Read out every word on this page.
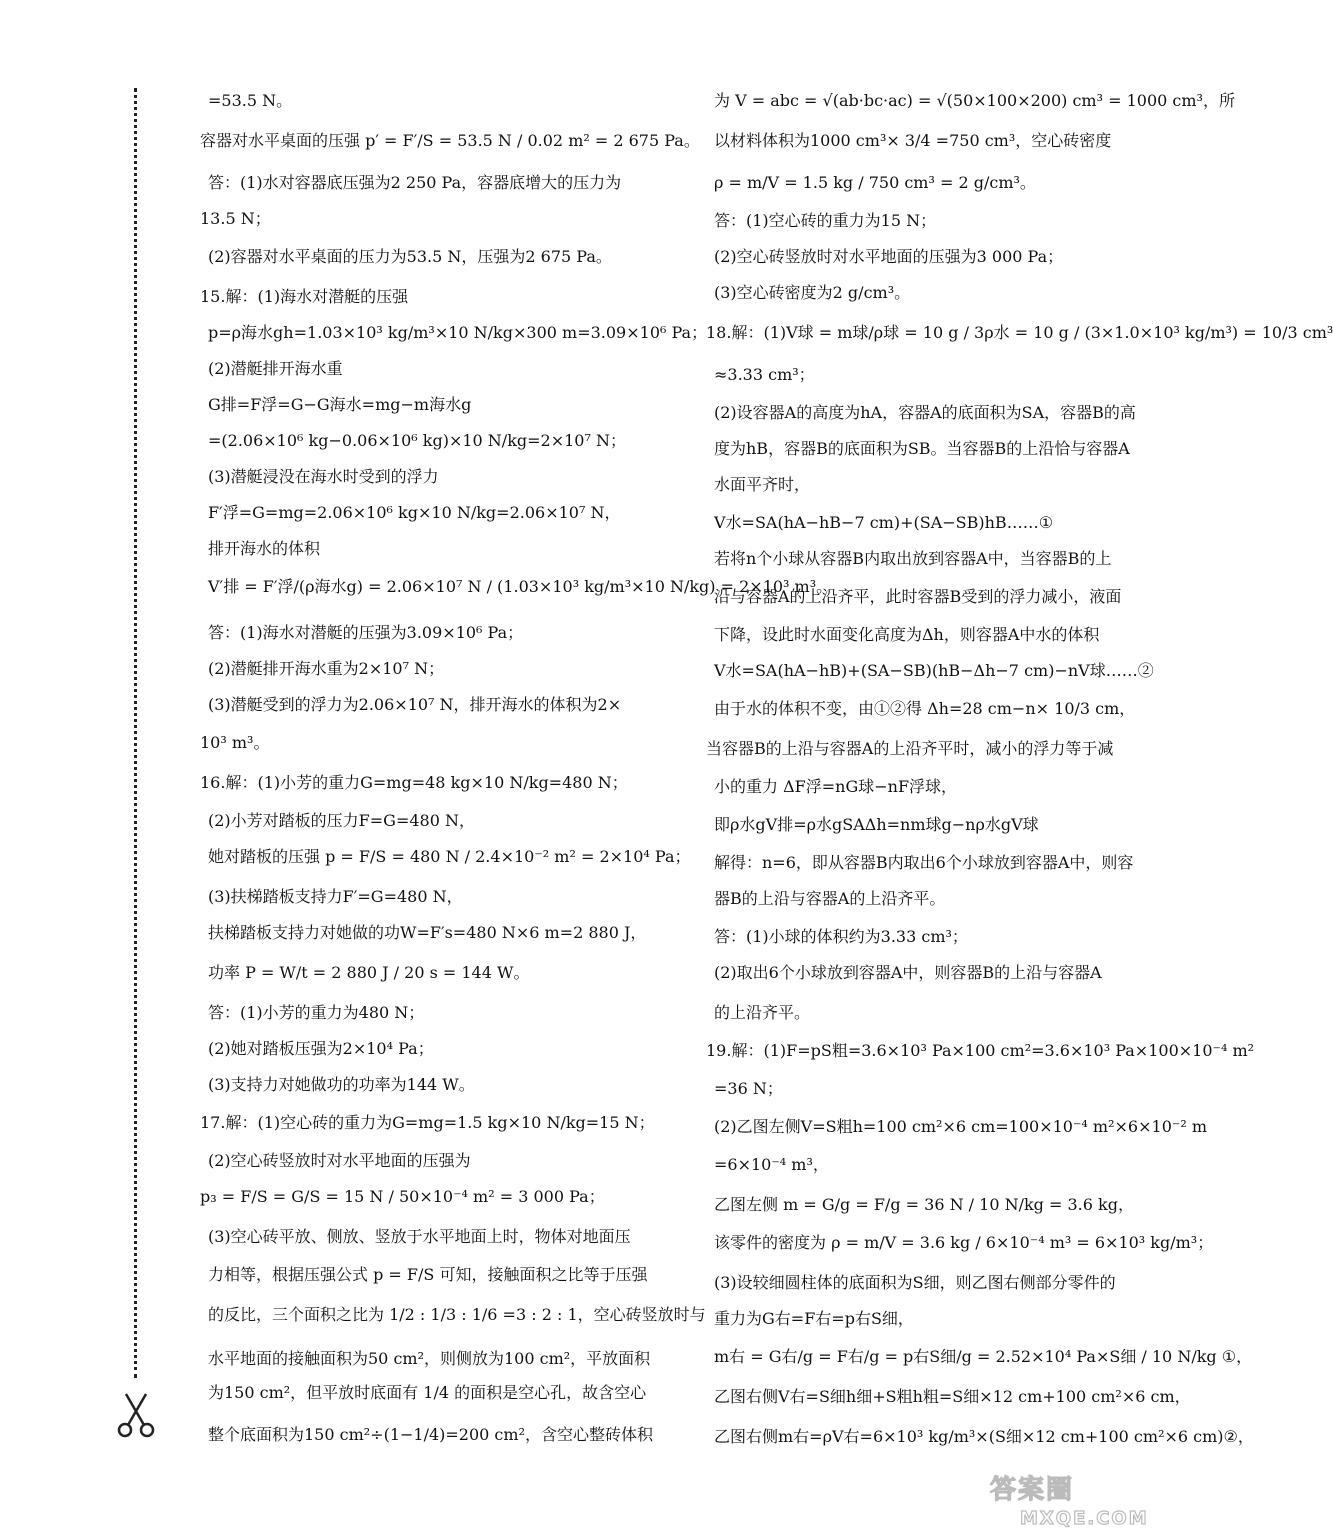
=53.5 N。
容器对水平桌面的压强 p′ = F′/S = 53.5 N / 0.02 m² = 2 675 Pa。
答：(1)水对容器底压强为2 250 Pa，容器底增大的压力为
13.5 N；
(2)容器对水平桌面的压力为53.5 N，压强为2 675 Pa。
15.解：(1)海水对潜艇的压强
p=ρ海水gh=1.03×10³ kg/m³×10 N/kg×300 m=3.09×10⁶ Pa；
(2)潜艇排开海水重
G排=F浮=G−G海水=mg−m海水g
=(2.06×10⁶ kg−0.06×10⁶ kg)×10 N/kg=2×10⁷ N；
(3)潜艇浸没在海水时受到的浮力
F′浮=G=mg=2.06×10⁶ kg×10 N/kg=2.06×10⁷ N，
排开海水的体积
V′排 = F′浮/(ρ海水g) = 2.06×10⁷ N / (1.03×10³ kg/m³×10 N/kg) = 2×10³ m³。
答：(1)海水对潜艇的压强为3.09×10⁶ Pa；
(2)潜艇排开海水重为2×10⁷ N；
(3)潜艇受到的浮力为2.06×10⁷ N，排开海水的体积为2×
10³ m³。
16.解：(1)小芳的重力G=mg=48 kg×10 N/kg=480 N；
(2)小芳对踏板的压力F=G=480 N，
她对踏板的压强 p = F/S = 480 N / 2.4×10⁻² m² = 2×10⁴ Pa；
(3)扶梯踏板支持力F′=G=480 N，
扶梯踏板支持力对她做的功W=F′s=480 N×6 m=2 880 J，
功率 P = W/t = 2 880 J / 20 s = 144 W。
答：(1)小芳的重力为480 N；
(2)她对踏板压强为2×10⁴ Pa；
(3)支持力对她做功的功率为144 W。
17.解：(1)空心砖的重力为G=mg=1.5 kg×10 N/kg=15 N；
(2)空心砖竖放时对水平地面的压强为
p₃ = F/S = G/S = 15 N / 50×10⁻⁴ m² = 3 000 Pa；
(3)空心砖平放、侧放、竖放于水平地面上时，物体对地面压
力相等，根据压强公式 p = F/S 可知，接触面积之比等于压强
的反比，三个面积之比为 1/2 : 1/3 : 1/6 =3 : 2 : 1，空心砖竖放时与
水平地面的接触面积为50 cm²，则侧放为100 cm²，平放面积
为150 cm²，但平放时底面有 1/4 的面积是空心孔，故含空心
整个底面积为150 cm²÷(1−1/4)=200 cm²，含空心整砖体积
为 V = abc = √(ab·bc·ac) = √(50×100×200) cm³ = 1000 cm³，所
以材料体积为1000 cm³× 3/4 =750 cm³，空心砖密度
ρ = m/V = 1.5 kg / 750 cm³ = 2 g/cm³。
答：(1)空心砖的重力为15 N；
(2)空心砖竖放时对水平地面的压强为3 000 Pa；
(3)空心砖密度为2 g/cm³。
18.解：(1)V球 = m球/ρ球 = 10 g / 3ρ水 = 10 g / (3×1.0×10³ kg/m³) = 10/3 cm³
≈3.33 cm³；
(2)设容器A的高度为hA，容器A的底面积为SA，容器B的高
度为hB，容器B的底面积为SB。当容器B的上沿恰与容器A
水面平齐时，
V水=SA(hA−hB−7 cm)+(SA−SB)hB……①
若将n个小球从容器B内取出放到容器A中，当容器B的上
沿与容器A的上沿齐平，此时容器B受到的浮力减小，液面
下降，设此时水面变化高度为Δh，则容器A中水的体积
V水=SA(hA−hB)+(SA−SB)(hB−Δh−7 cm)−nV球……②
由于水的体积不变，由①②得 Δh=28 cm−n× 10/3 cm，
当容器B的上沿与容器A的上沿齐平时，减小的浮力等于减
小的重力 ΔF浮=nG球−nF浮球，
即ρ水gV排=ρ水gSAΔh=nm球g−nρ水gV球
解得：n=6，即从容器B内取出6个小球放到容器A中，则容
器B的上沿与容器A的上沿齐平。
答：(1)小球的体积约为3.33 cm³；
(2)取出6个小球放到容器A中，则容器B的上沿与容器A
的上沿齐平。
19.解：(1)F=pS粗=3.6×10³ Pa×100 cm²=3.6×10³ Pa×100×10⁻⁴ m²
=36 N；
(2)乙图左侧V=S粗h=100 cm²×6 cm=100×10⁻⁴ m²×6×10⁻² m
=6×10⁻⁴ m³，
乙图左侧 m = G/g = F/g = 36 N / 10 N/kg = 3.6 kg，
该零件的密度为 ρ = m/V = 3.6 kg / 6×10⁻⁴ m³ = 6×10³ kg/m³；
(3)设较细圆柱体的底面积为S细，则乙图右侧部分零件的
重力为G右=F右=p右S细，
m右 = G右/g = F右/g = p右S细/g = 2.52×10⁴ Pa×S细 / 10 N/kg ①，
乙图右侧V右=S细h细+S粗h粗=S细×12 cm+100 cm²×6 cm，
乙图右侧m右=ρV右=6×10³ kg/m³×(S细×12 cm+100 cm²×6 cm)②，
答案圈
MXQE.COM
